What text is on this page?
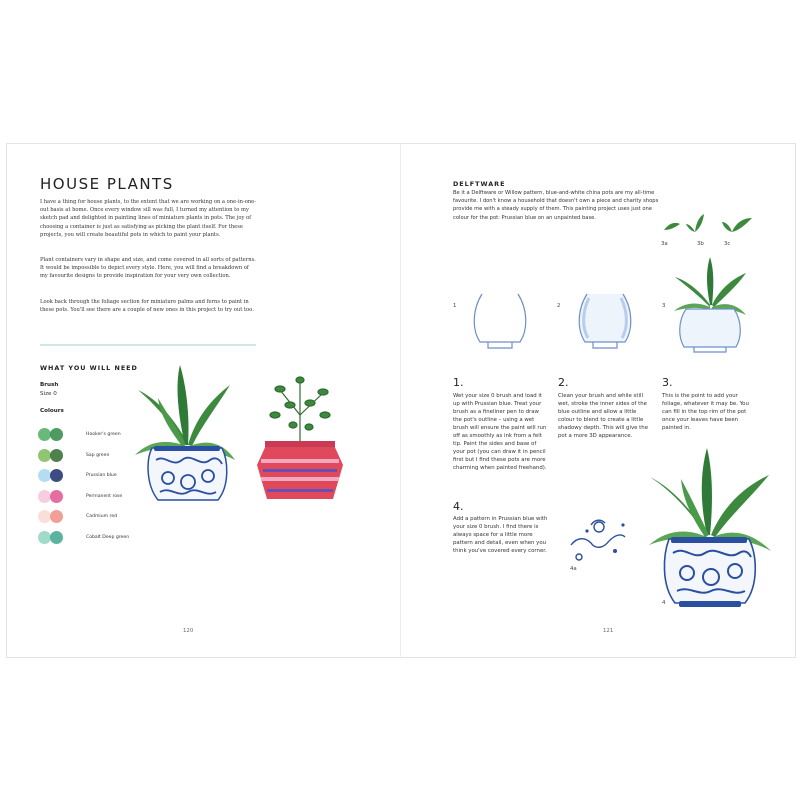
HOUSE PLANTS
I have a thing for house plants, to the extent that we are working on a one-in-one-out basis at home. Once every window sill was full, I turned my attention to my sketch pad and delighted in painting lines of miniature plants in pots. The joy of choosing a container is just as satisfying as picking the plant itself. For these projects, you will create beautiful pots in which to paint your plants.
Plant containers vary in shape and size, and come covered in all sorts of patterns. It would be impossible to depict every style. Here, you will find a breakdown of my favourite designs to provide inspiration for your very own collection.
Look back through the foliage section for miniature palms and ferns to paint in these pots. You'll see there are a couple of new ones in this project to try out too.
WHAT YOU WILL NEED
Brush
Size 0
Colours
Hooker's green
Sap green
Prussian blue
Permanent rose
Cadmium red
Cobalt Deep green
120
DELFTWARE
Be it a Delftware or Willow pattern, blue-and-white china pots are my all-time favourite. I don't know a household that doesn't own a piece and charity shops provide me with a steady supply of them. This painting project uses just one colour for the pot: Prussian blue on an unpainted base.
3a	3b	3c
1	2	3
1.
Wet your size 0 brush and load it up with Prussian blue. Treat your brush as a fineliner pen to draw the pot's outline – using a wet brush will ensure the paint will run off as smoothly as ink from a felt tip. Paint the sides and base of your pot (you can draw it in pencil first but I find these pots are more charming when painted freehand).
2.
Clean your brush and while still wet, stroke the inner sides of the blue outline and allow a little colour to blend to create a little shadowy depth. This will give the pot a more 3D appearance.
3.
This is the point to add your foliage, whatever it may be. You can fill in the top rim of the pot once your leaves have been painted in.
4.
Add a pattern in Prussian blue with your size 0 brush. I find there is always space for a little more pattern and detail, even when you think you've covered every corner.
4a
4
121
